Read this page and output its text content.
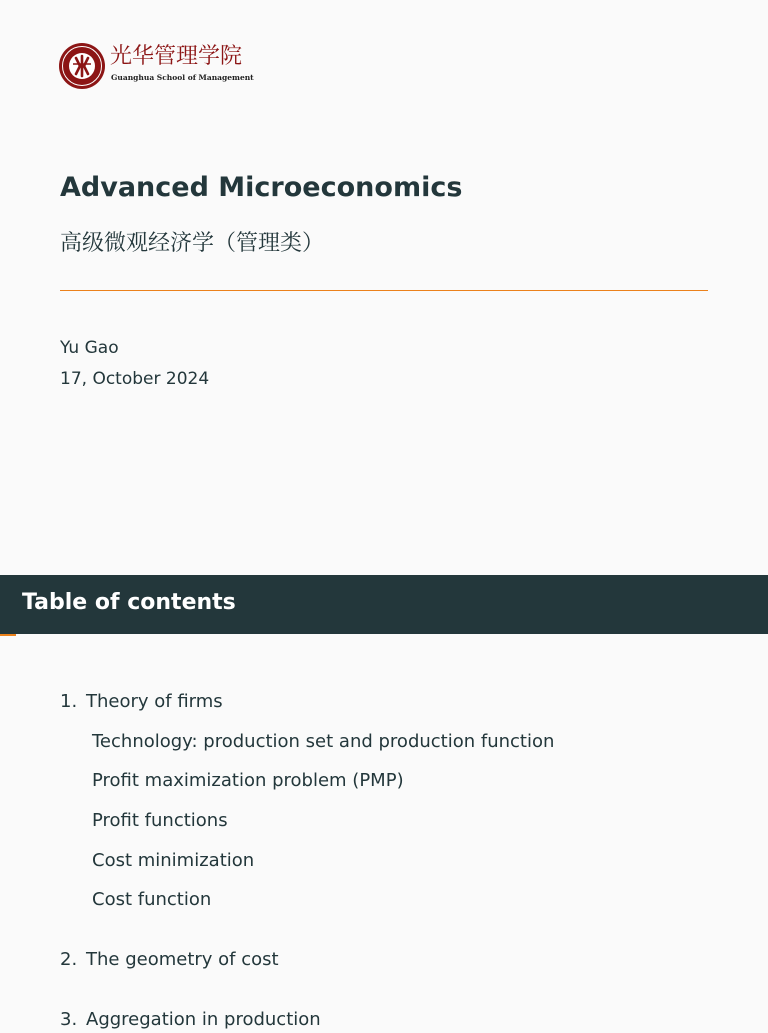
光华管理学院
Guanghua School of Management
Advanced Microeconomics
高级微观经济学（管理类）
Yu Gao
17, October 2024
Table of contents
1. Theory of firms
Technology: production set and production function
Profit maximization problem (PMP)
Profit functions
Cost minimization
Cost function
2. The geometry of cost
3. Aggregation in production
